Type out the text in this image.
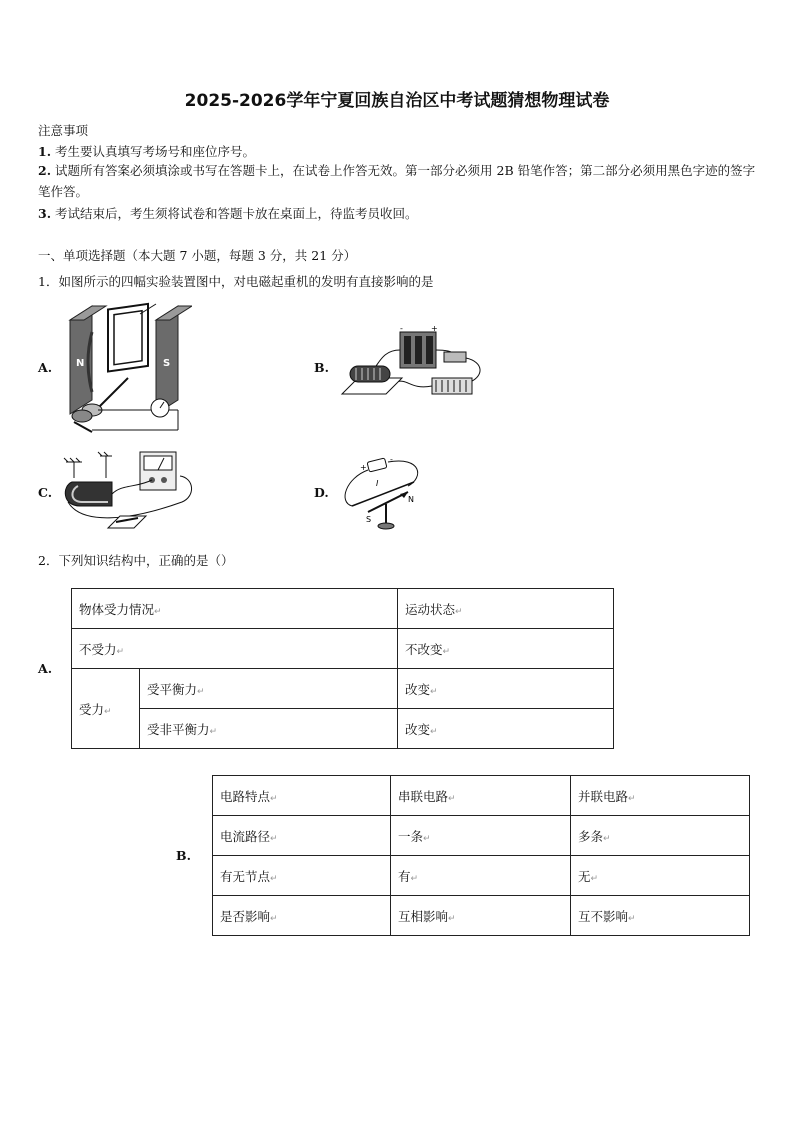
2025-2026学年宁夏回族自治区中考试题猜想物理试卷
注意事项
1. 考生要认真填写考场号和座位序号。
2. 试题所有答案必须填涂或书写在答题卡上，在试卷上作答无效。第一部分必须用 2B 铅笔作答；第二部分必须用黑色字迹的签字笔作答。
3. 考试结束后，考生须将试卷和答题卡放在桌面上，待监考员收回。
一、单项选择题（本大题 7 小题，每题 3 分，共 21 分）
1．如图所示的四幅实验装置图中，对电磁起重机的发明有直接影响的是
A. N	S	B.
-	+
C.	D.
+
-
I
N
S
2．下列知识结构中，正确的是（）
A.
物体受力情况↵		运动状态↵
不受力↵		不改变↵
受力↵	受平衡力↵	改变↵
	受非平衡力↵	改变↵
B.
电路特点↵	串联电路↵	并联电路↵
电流路径↵	一条↵	多条↵
有无节点↵	有↵	无↵
是否影响↵	互相影响↵	互不影响↵
